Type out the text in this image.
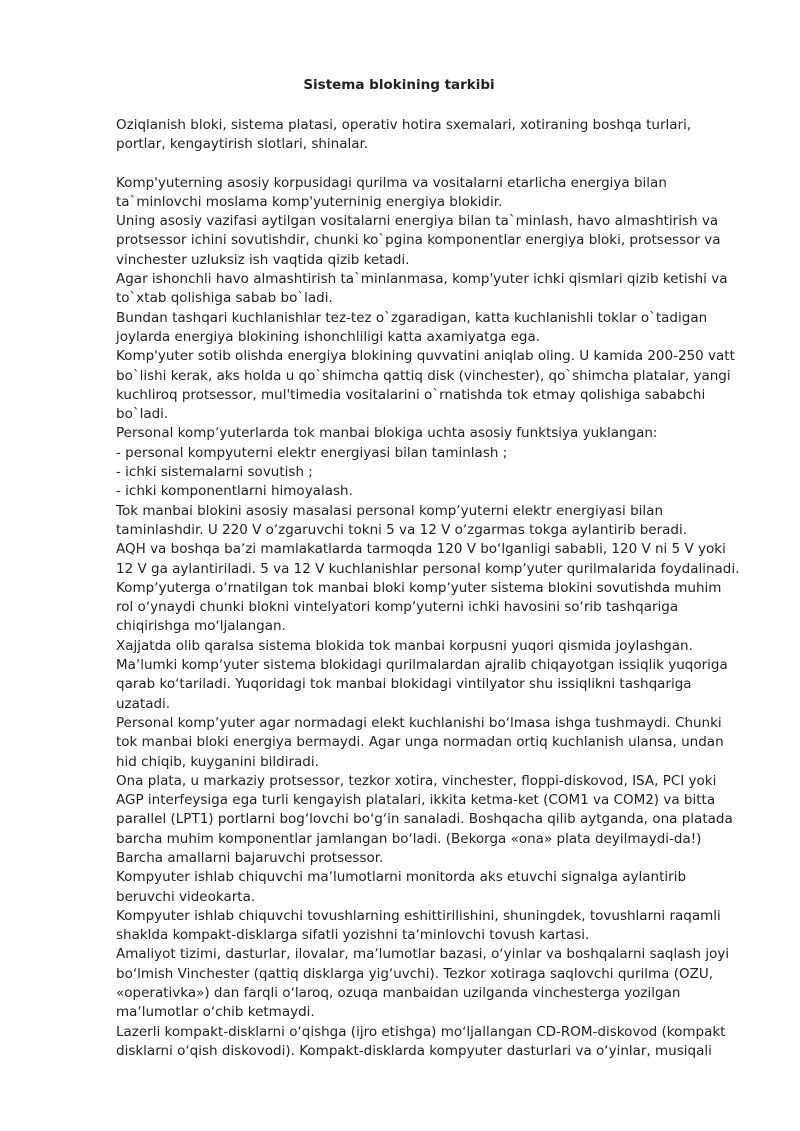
Sistema blokining tarkibi

Oziqlanish bloki, sistema platasi, operativ hotira sxemalari, xotiraning boshqa turlari, portlar, kengaytirish slotlari, shinalar.

Komp'yuterning asosiy korpusidagi qurilma va vositalarni etarlicha energiya bilan ta`minlovchi moslama komp'yuterninig energiya blokidir.

Uning asosiy vazifasi aytilgan vositalarni energiya bilan ta`minlash, havo almashtirish va protsessor ichini sovutishdir, chunki ko`pgina komponentlar energiya bloki, protsessor va vinchester uzluksiz ish vaqtida qizib ketadi.

Agar ishonchli havo almashtirish ta`minlanmasa, komp'yuter ichki qismlari qizib ketishi va to`xtab qolishiga sabab bo`ladi.

Bundan tashqari kuchlanishlar tez-tez o`zgaradigan, katta kuchlanishli toklar o`tadigan joylarda energiya blokining ishonchliligi katta axamiyatga ega.

Komp'yuter sotib olishda energiya blokining quvvatini aniqlab oling. U kamida 200-250 vatt bo`lishi kerak, aks holda u qo`shimcha qattiq disk (vinchester), qo`shimcha platalar, yangi kuchliroq protsessor, mul'timedia vositalarini o`rnatishda tok etmay qolishiga sababchi bo`ladi.

Personal kompʼyuterlarda tok manbai blokiga uchta asosiy funktsiya yuklangan:

- personal kompyuterni elektr energiyasi bilan taminlash ;

- ichki sistemalarni sovutish ;

- ichki komponentlarni himoyalash.

Tok manbai blokini asosiy masalasi personal kompʼyuterni elektr energiyasi bilan taminlashdir. U 220 V oʼzgaruvchi tokni 5 va 12 V oʼzgarmas tokga aylantirib beradi.

AQH va boshqa baʼzi mamlakatlarda tarmoqda 120 V boʻlganligi sababli, 120 V ni 5 V yoki 12 V ga aylantiriladi. 5 va 12 V kuchlanishlar personal kompʼyuter qurilmalarida foydalinadi.

Kompʼyuterga oʼrnatilgan tok manbai bloki kompʼyuter sistema blokini sovutishda muhim rol oʻynaydi chunki blokni vintelyatori kompʼyuterni ichki havosini soʻrib tashqariga chiqirishga moʻljalangan.

Xajjatda olib qaralsa sistema blokida tok manbai korpusni yuqori qismida joylashgan. Maʼlumki kompʼyuter sistema blokidagi qurilmalardan ajralib chiqayotgan issiqlik yuqoriga qarab koʻtariladi. Yuqoridagi tok manbai blokidagi vintilyator shu issiqlikni tashqariga uzatadi.

Personal kompʼyuter agar normadagi elekt kuchlanishi boʻlmasa ishga tushmaydi. Chunki tok manbai bloki energiya bermaydi. Agar unga normadan ortiq kuchlanish ulansa, undan hid chiqib, kuyganini bildiradi.

Ona plata, u markaziy protsessor, tezkor xotira, vinchester, floppi-diskovod, ISA, PCI yoki AGP interfeysiga ega turli kengayish platalari, ikkita ketma-ket (COM1 va COM2) va bitta parallel (LPT1) portlarni bogʻlovchi boʻgʻin sanaladi. Boshqacha qilib aytganda, ona platada barcha muhim komponentlar jamlangan boʻladi. (Bekorga «ona» plata deyilmaydi-da!)

Barcha amallarni bajaruvchi protsessor.

Kompyuter ishlab chiquvchi maʼlumotlarni monitorda aks etuvchi signalga aylantirib beruvchi videokarta.

Kompyuter ishlab chiquvchi tovushlarning eshittirilishini, shuningdek, tovushlarni raqamli shaklda kompakt-disklarga sifatli yozishni taʼminlovchi tovush kartasi.

Amaliyot tizimi, dasturlar, ilovalar, maʼlumotlar bazasi, oʻyinlar va boshqalarni saqlash joyi boʻlmish Vinchester (qattiq disklarga yigʻuvchi). Tezkor xotiraga saqlovchi qurilma (OZU, «operativka») dan farqli oʻlaroq, ozuqa manbaidan uzilganda vinchesterga yozilgan maʼlumotlar oʻchib ketmaydi.

Lazerli kompakt-disklarni oʻqishga (ijro etishga) moʻljallangan CD-ROM-diskovod (kompakt disklarni oʻqish diskovodi). Kompakt-disklarda kompyuter dasturlari va oʻyinlar, musiqali
